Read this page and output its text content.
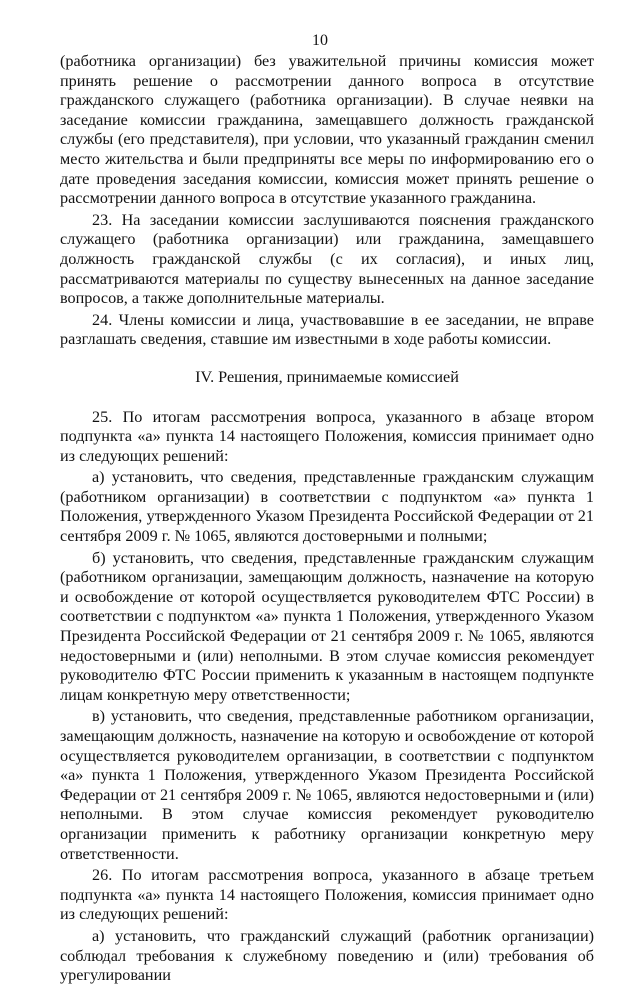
10

(работника организации) без уважительной причины комиссия может принять решение о рассмотрении данного вопроса в отсутствие гражданского служащего (работника организации). В случае неявки на заседание комиссии гражданина, замещавшего должность гражданской службы (его представителя), при условии, что указанный гражданин сменил место жительства и были предприняты все меры по информированию его о дате проведения заседания комиссии, комиссия может принять решение о рассмотрении данного вопроса в отсутствие указанного гражданина.

23. На заседании комиссии заслушиваются пояснения гражданского служащего (работника организации) или гражданина, замещавшего должность гражданской службы (с их согласия), и иных лиц, рассматриваются материалы по существу вынесенных на данное заседание вопросов, а также дополнительные материалы.

24. Члены комиссии и лица, участвовавшие в ее заседании, не вправе разглашать сведения, ставшие им известными в ходе работы комиссии.

IV. Решения, принимаемые комиссией

25. По итогам рассмотрения вопроса, указанного в абзаце втором подпункта «а» пункта 14 настоящего Положения, комиссия принимает одно из следующих решений:

а) установить, что сведения, представленные гражданским служащим (работником организации) в соответствии с подпунктом «а» пункта 1 Положения, утвержденного Указом Президента Российской Федерации от 21 сентября 2009 г. № 1065, являются достоверными и полными;

б) установить, что сведения, представленные гражданским служащим (работником организации, замещающим должность, назначение на которую и освобождение от которой осуществляется руководителем ФТС России) в соответствии с подпунктом «а» пункта 1 Положения, утвержденного Указом Президента Российской Федерации от 21 сентября 2009 г. № 1065, являются недостоверными и (или) неполными. В этом случае комиссия рекомендует руководителю ФТС России применить к указанным в настоящем подпункте лицам конкретную меру ответственности;

в) установить, что сведения, представленные работником организации, замещающим должность, назначение на которую и освобождение от которой осуществляется руководителем организации, в соответствии с подпунктом «а» пункта 1 Положения, утвержденного Указом Президента Российской Федерации от 21 сентября 2009 г. № 1065, являются недостоверными и (или) неполными. В этом случае комиссия рекомендует руководителю организации применить к работнику организации конкретную меру ответственности.

26. По итогам рассмотрения вопроса, указанного в абзаце третьем подпункта «а» пункта 14 настоящего Положения, комиссия принимает одно из следующих решений:

а) установить, что гражданский служащий (работник организации) соблюдал требования к служебному поведению и (или) требования об урегулировании
